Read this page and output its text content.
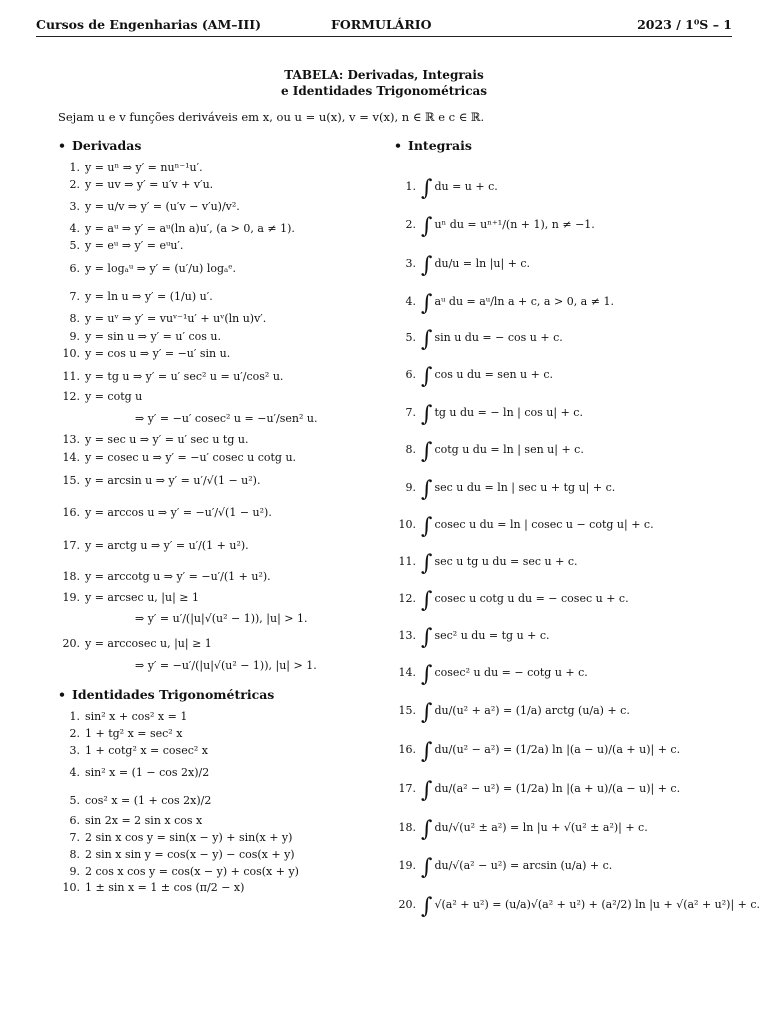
Cursos de Engenharias (AM–III)	FORMULÁRIO	2023 / 1⁰S – 1
TABELA: Derivadas, Integrais
e Identidades Trigonométricas
Sejam u e v funções deriváveis em x, ou u = u(x), v = v(x), n ∈ ℝ e c ∈ ℝ.
• Derivadas
1. y = uⁿ ⇒ y′ = nuⁿ⁻¹u′.
2. y = uv ⇒ y′ = u′v + v′u.
3. y = u/v ⇒ y′ = (u′v − v′u)/v².
4. y = aᵘ ⇒ y′ = aᵘ(ln a)u′, (a > 0, a ≠ 1).
5. y = eᵘ ⇒ y′ = eᵘu′.
6. y = logₐᵘ ⇒ y′ = (u′/u) logₐᵉ.
7. y = ln u ⇒ y′ = (1/u) u′.
8. y = uᵛ ⇒ y′ = vuᵛ⁻¹u′ + uᵛ(ln u)v′.
9. y = sin u ⇒ y′ = u′ cos u.
10. y = cos u ⇒ y′ = −u′ sin u.
11. y = tg u ⇒ y′ = u′ sec² u = u′/cos² u.
12. y = cotg u
⇒ y′ = −u′ cosec² u = −u′/sen² u.
13. y = sec u ⇒ y′ = u′ sec u tg u.
14. y = cosec u ⇒ y′ = −u′ cosec u cotg u.
15. y = arcsin u ⇒ y′ = u′/√(1 − u²).
16. y = arccos u ⇒ y′ = −u′/√(1 − u²).
17. y = arctg u ⇒ y′ = u′/(1 + u²).
18. y = arccotg u ⇒ y′ = −u′/(1 + u²).
19. y = arcsec u, |u| ≥ 1
⇒ y′ = u′/(|u|√(u² − 1)), |u| > 1.
20. y = arccosec u, |u| ≥ 1
⇒ y′ = −u′/(|u|√(u² − 1)), |u| > 1.
• Identidades Trigonométricas
1. sin² x + cos² x = 1
2. 1 + tg² x = sec² x
3. 1 + cotg² x = cosec² x
4. sin² x = (1 − cos 2x)/2
5. cos² x = (1 + cos 2x)/2
6. sin 2x = 2 sin x cos x
7. 2 sin x cos y = sin(x − y) + sin(x + y)
8. 2 sin x sin y = cos(x − y) − cos(x + y)
9. 2 cos x cos y = cos(x − y) + cos(x + y)
10. 1 ± sin x = 1 ± cos (π/2 − x)
• Integrais
1. ∫ du = u + c.
2. ∫ uⁿ du = uⁿ⁺¹/(n + 1), n ≠ −1.
3. ∫ du/u = ln |u| + c.
4. ∫ aᵘ du = aᵘ/ln a + c, a > 0, a ≠ 1.
5. ∫ sin u du = − cos u + c.
6. ∫ cos u du = sen u + c.
7. ∫ tg u du = − ln | cos u| + c.
8. ∫ cotg u du = ln | sen u| + c.
9. ∫ sec u du = ln | sec u + tg u| + c.
10. ∫ cosec u du = ln | cosec u − cotg u| + c.
11. ∫ sec u tg u du = sec u + c.
12. ∫ cosec u cotg u du = − cosec u + c.
13. ∫ sec² u du = tg u + c.
14. ∫ cosec² u du = − cotg u + c.
15. ∫ du/(u² + a²) = (1/a) arctg (u/a) + c.
16. ∫ du/(u² − a²) = (1/2a) ln |(a − u)/(a + u)| + c.
17. ∫ du/(a² − u²) = (1/2a) ln |(a + u)/(a − u)| + c.
18. ∫ du/√(u² ± a²) = ln |u + √(u² ± a²)| + c.
19. ∫ du/√(a² − u²) = arcsin (u/a) + c.
20. ∫ √(a² + u²) = (u/a)√(a² + u²) + (a²/2) ln |u + √(a² + u²)| + c.
